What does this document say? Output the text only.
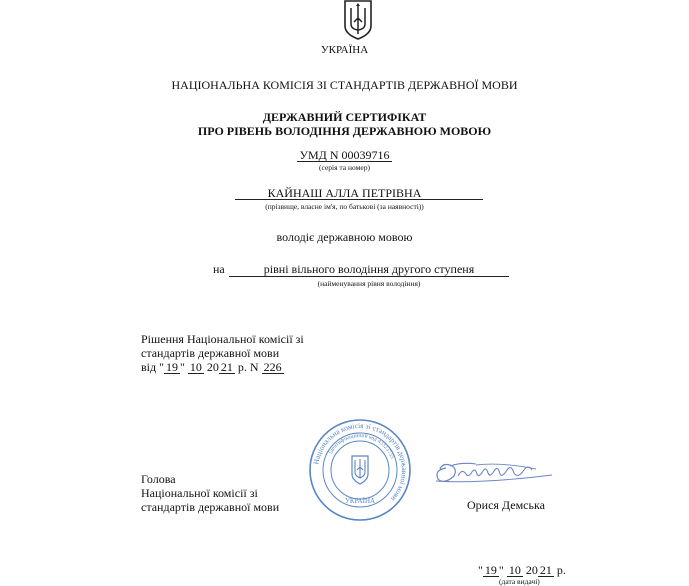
УКРАЇНА
НАЦІОНАЛЬНА КОМІСІЯ ЗІ СТАНДАРТІВ ДЕРЖАВНОЇ МОВИ
ДЕРЖАВНИЙ СЕРТИФІКАТ
ПРО РІВЕНЬ ВОЛОДІННЯ ДЕРЖАВНОЮ МОВОЮ
УМД N 00039716
(серія та номер)
КАЙНАШ АЛЛА ПЕТРІВНА
(прізвище, власне ім'я, по батькові (за наявності))
володіє державною мовою
на	рівні вільного володіння другого ступеня
(найменування рівня володіння)
Рішення Національної комісії зі
стандартів державної мови
від " 19 " 10 20 21 р. N 226
Національна комісія зі стандартів державної мови
Ідентифікаційний код 43323755
УКРАЇНА
Голова
Національної комісії зі
стандартів державної мови	Орися Демська
" 19 " 10 20 21 р.
(дата видачі)
